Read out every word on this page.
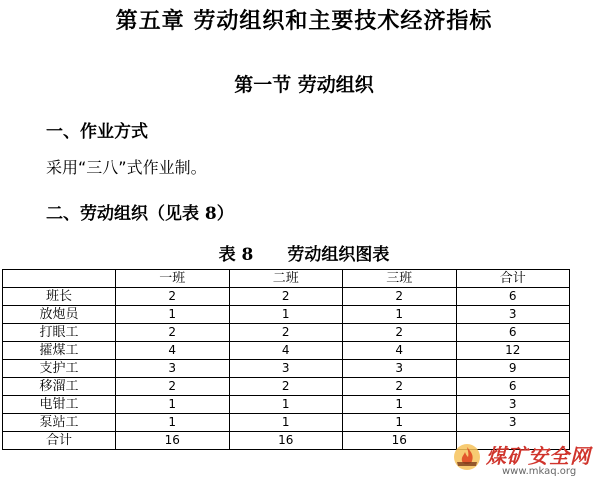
第五章 劳动组织和主要技术经济指标
第一节 劳动组织
一、作业方式
采用“三八”式作业制。
二、劳动组织（见表 8）
表 8 劳动组织图表
	一班	二班	三班	合计
班长	2	2	2	6
放炮员	1	1	1	3
打眼工	2	2	2	6
攉煤工	4	4	4	12
支护工	3	3	3	9
移溜工	2	2	2	6
电钳工	1	1	1	3
泵站工	1	1	1	3
合计	16	16	16	
煤矿安全网
www.mkaq.org
